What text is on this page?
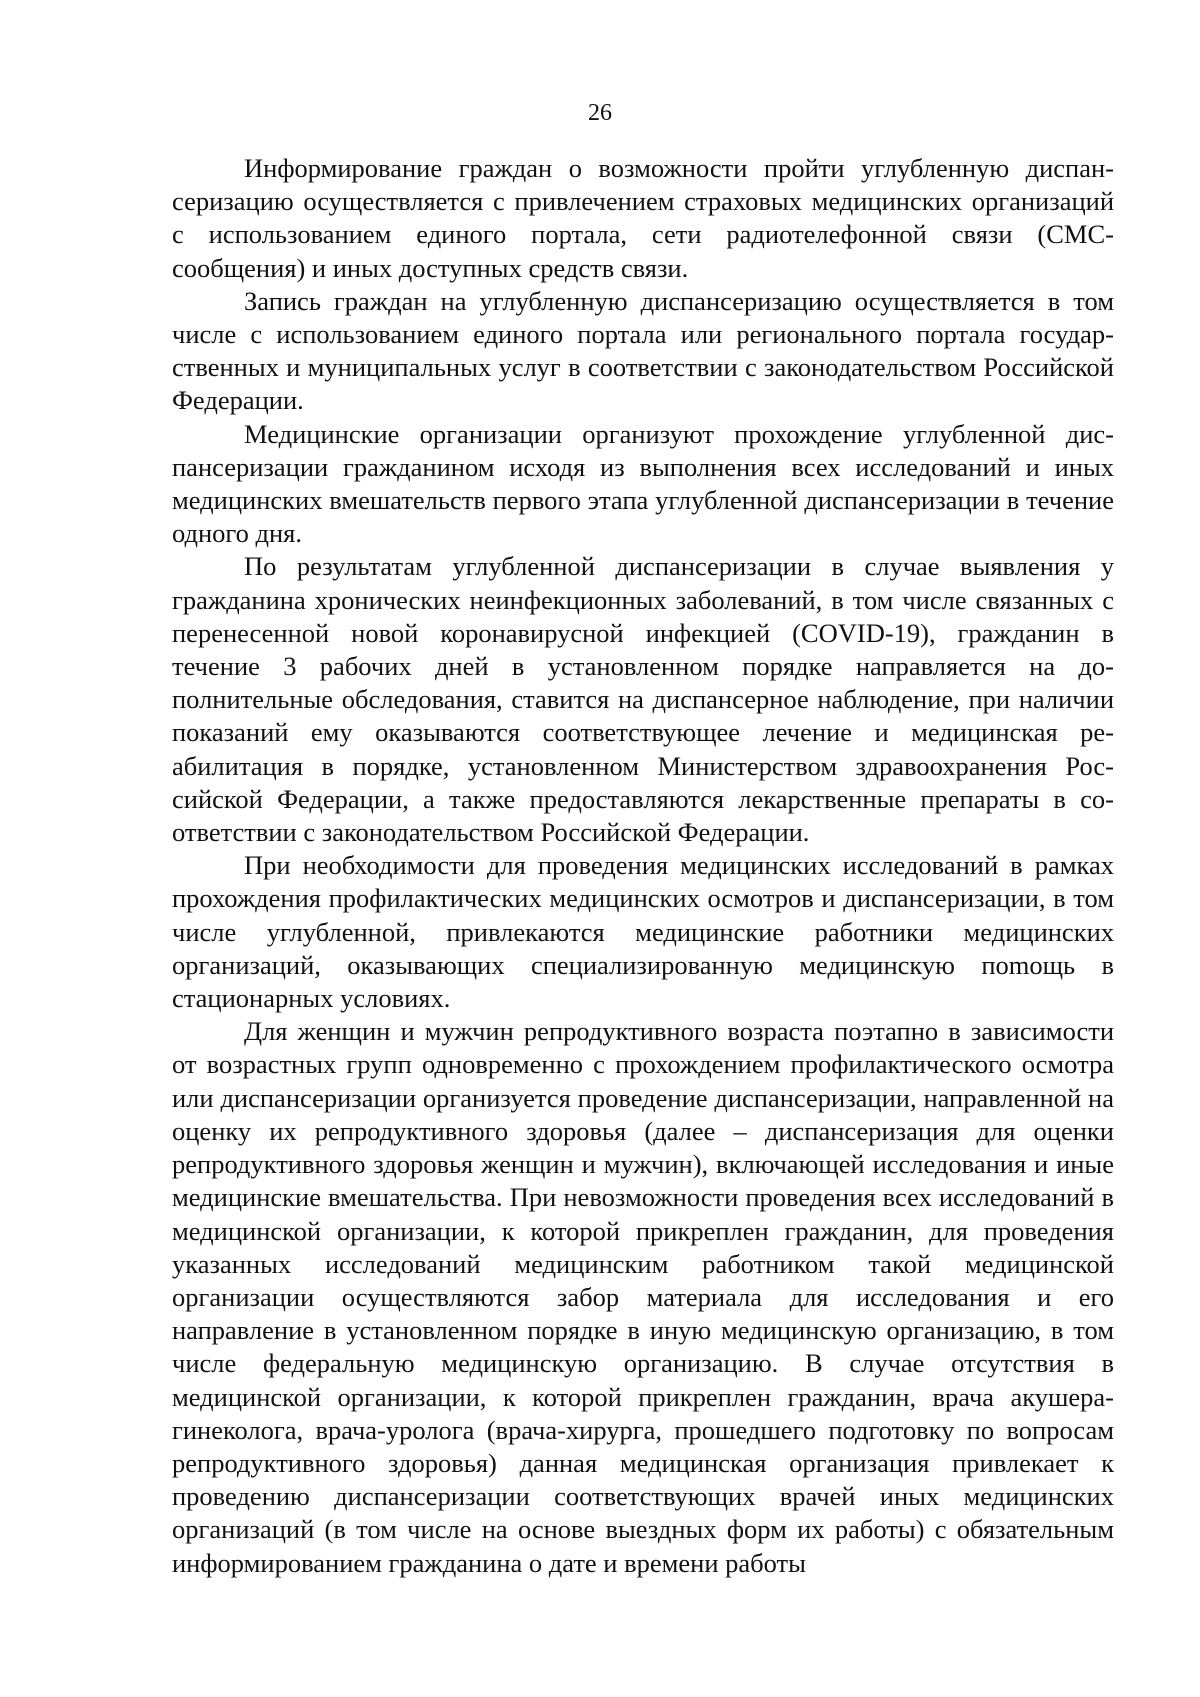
26

Информирование граждан о возможности пройти углубленную диспансеризацию осуществляется с привлечением страховых медицинских организаций с использованием единого портала, сети радиотелефонной связи (СМС-сообщения) и иных доступных средств связи.

Запись граждан на углубленную диспансеризацию осуществляется в том числе с использованием единого портала или регионального портала государственных и муниципальных услуг в соответствии с законодательством Российской Федерации.

Медицинские организации организуют прохождение углубленной диспансеризации гражданином исходя из выполнения всех исследований и иных медицинских вмешательств первого этапа углубленной диспансеризации в течение одного дня.

По результатам углубленной диспансеризации в случае выявления у гражданина хронических неинфекционных заболеваний, в том числе связанных с перенесенной новой коронавирусной инфекцией (COVID-19), гражданин в течение 3 рабочих дней в установленном порядке направляется на дополнительные обследования, ставится на диспансерное наблюдение, при наличии показаний ему оказываются соответствующее лечение и медицинская реабилитация в порядке, установленном Министерством здравоохранения Российской Федерации, а также предоставляются лекарственные препараты в соответствии с законодательством Российской Федерации.

При необходимости для проведения медицинских исследований в рамках прохождения профилактических медицинских осмотров и диспансеризации, в том числе углубленной, привлекаются медицинские работники медицинских организаций, оказывающих специализированную медицинскую поmощь в стационарных условиях.

Для женщин и мужчин репродуктивного возраста поэтапно в зависимости от возрастных групп одновременно с прохождением профилактического осмотра или диспансеризации организуется проведение диспансеризации, направленной на оценку их репродуктивного здоровья (далее – диспансеризация для оценки репродуктивного здоровья женщин и мужчин), включающей исследования и иные медицинские вмешательства. При невозможности проведения всех исследований в медицинской организации, к которой прикреплен гражданин, для проведения указанных исследований медицинским работником такой медицинской организации осуществляются забор материала для исследования и его направление в установленном порядке в иную медицинскую организацию, в том числе федеральную медицинскую организацию. В случае отсутствия в медицинской организации, к которой прикреплен гражданин, врача акушера-гинеколога, врача-уролога (врача-хирурга, прошедшего подготовку по вопросам репродуктивного здоровья) данная медицинская организация привлекает к проведению диспансеризации соответствующих врачей иных медицинских организаций (в том числе на основе выездных форм их работы) с обязательным информированием гражданина о дате и времени работы
